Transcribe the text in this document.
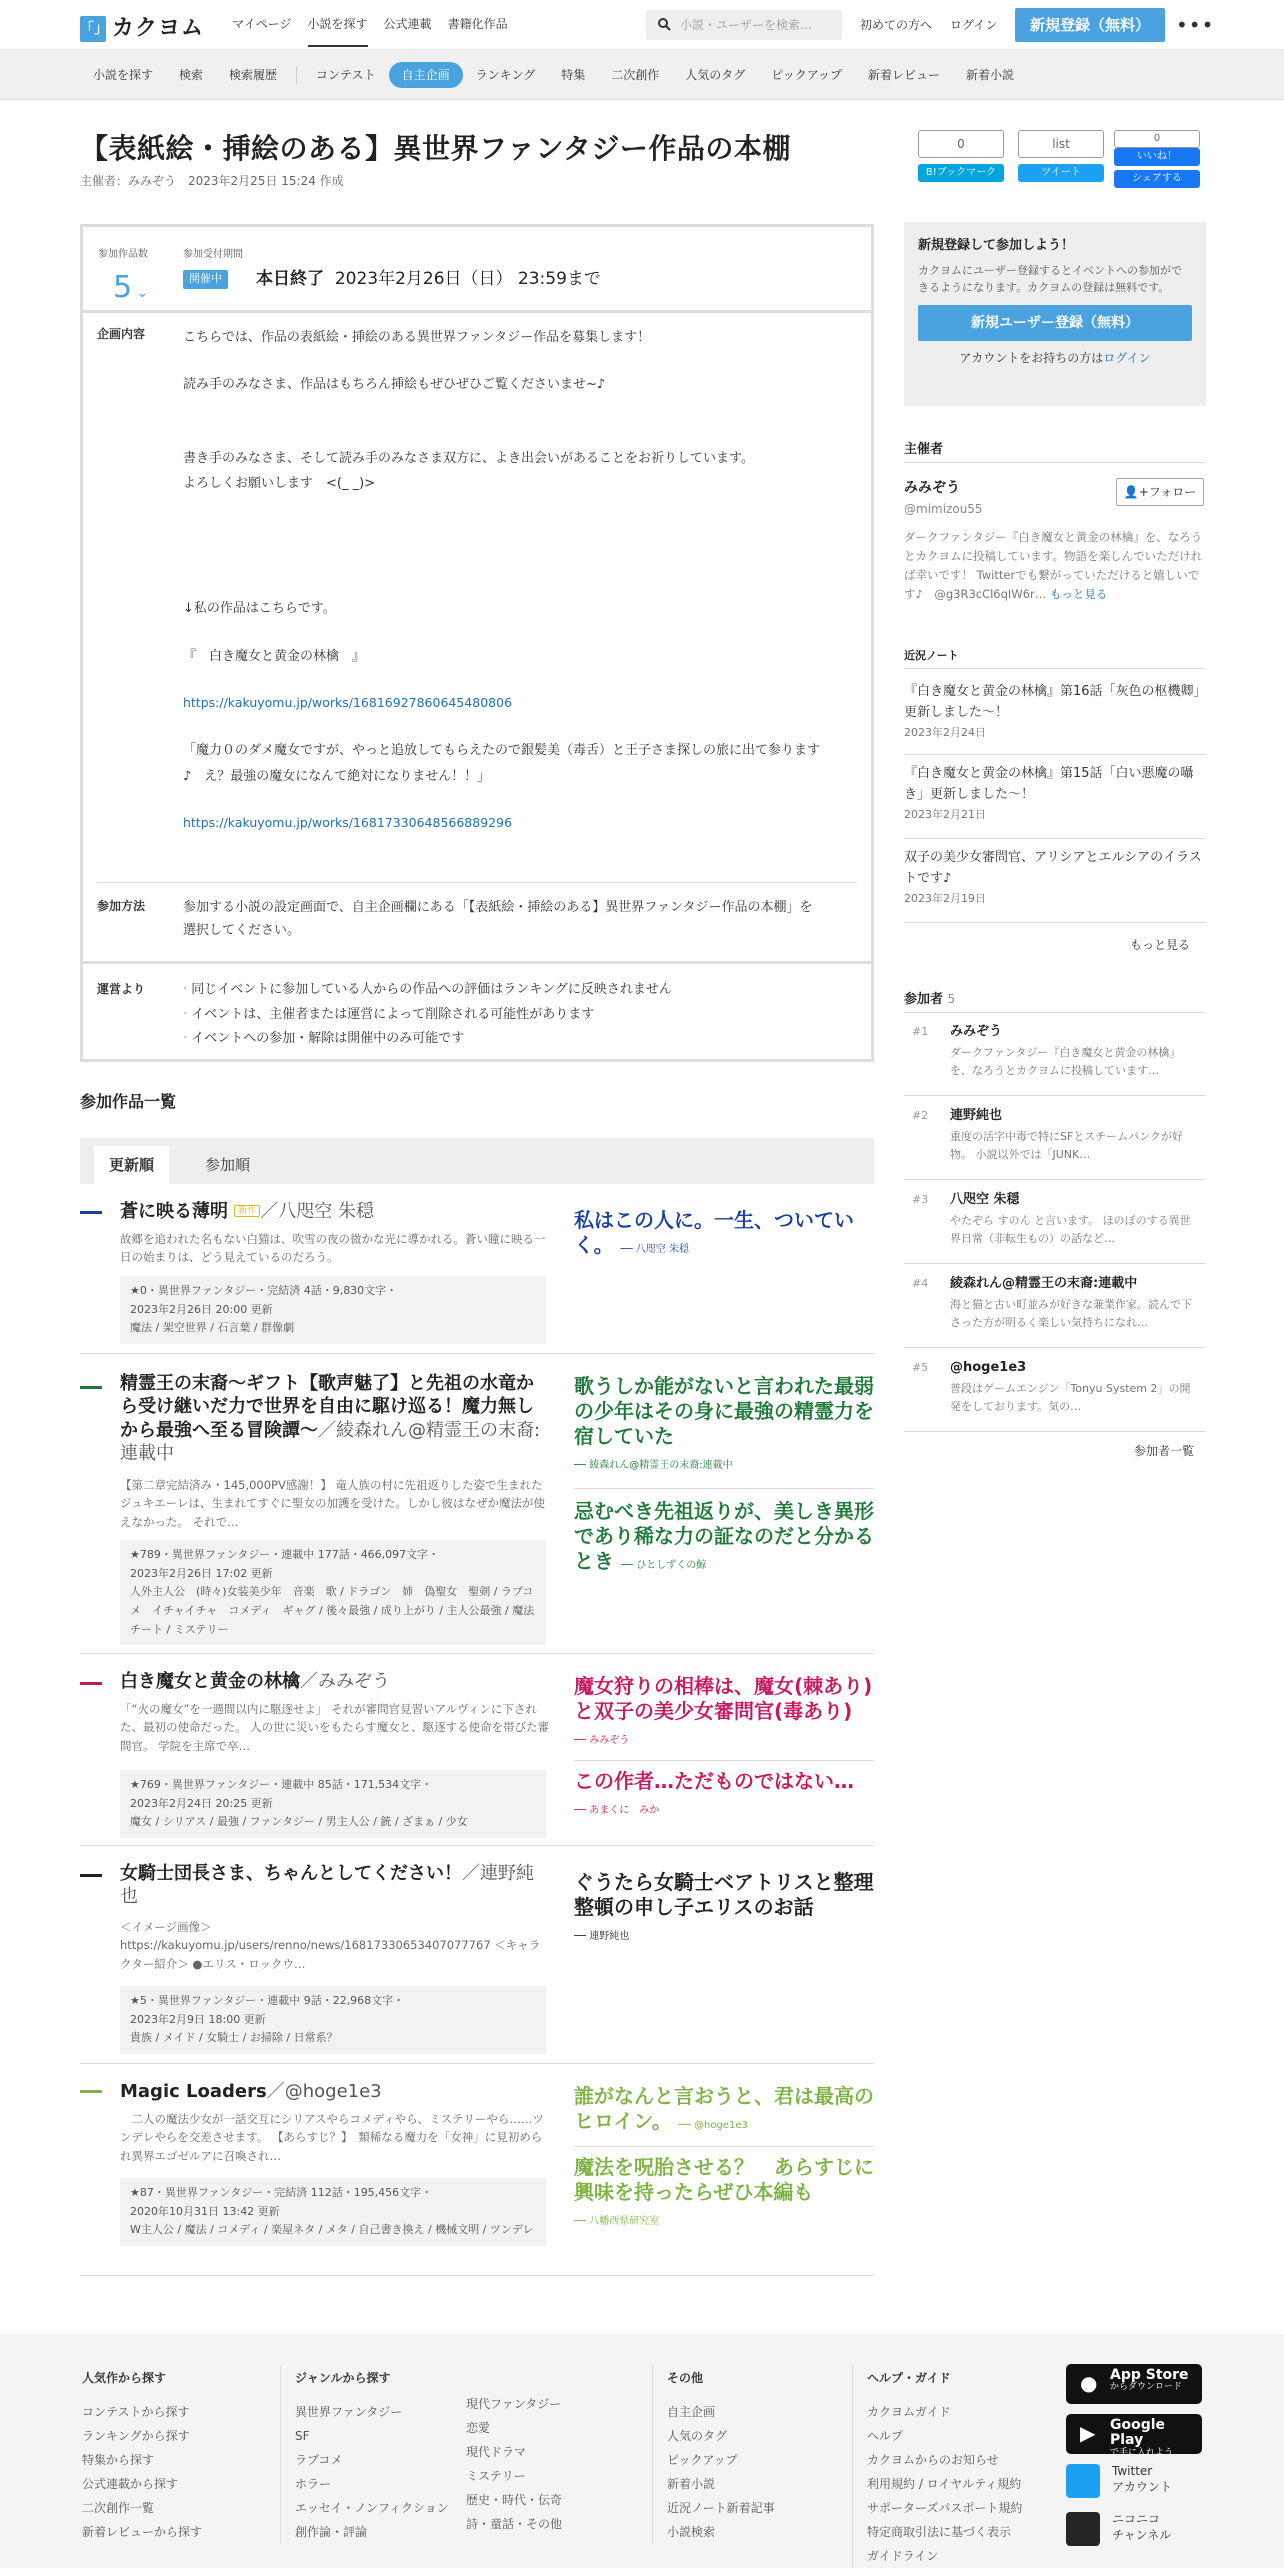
「」 カクヨム マイページ 小説を探す 公式連載 書籍化作品	小説・ユーザーを検索…	初めての方へ ログイン	新規登録（無料）	•••
小説を探す	検索	検索履歴	コンテスト	自主企画	ランキング	特集	二次創作	人気のタグ	ピックアップ	新着レビュー	新着小説
【表紙絵・挿絵のある】異世界ファンタジー作品の本棚
主催者：みみぞう　2023年2月25日 15:24 作成
0
B!ブックマーク
list
ツイート
0
いいね！
シェアする
参加作品数
5 ⌄
参加受付期間
開催中	本日終了 2023年2月26日（日） 23:59まで
企画内容	こちらでは、作品の表紙絵・挿絵のある異世界ファンタジー作品を募集します！
読み手のみなさま、作品はもちろん挿絵もぜひぜひご覧くださいませ~♪
書き手のみなさま、そして読み手のみなさま双方に、よき出会いがあることをお祈りしています。
よろしくお願いします　<(_ _)>
↓私の作品はこちらです。
『　白き魔女と黄金の林檎　』
https://kakuyomu.jp/works/16816927860645480806
「魔力０のダメ魔女ですが、やっと追放してもらえたので銀髪美（毒舌）と王子さま探しの旅に出て参ります♪　え？最強の魔女になんて絶対になりません！！」
https://kakuyomu.jp/works/16817330648566889296
参加方法	参加する小説の設定画面で、自主企画欄にある「【表紙絵・挿絵のある】異世界ファンタジー作品の本棚」を選択してください。
運営より
·	同じイベントに参加している人からの作品への評価はランキングに反映されません
· イベントは、主催者または運営によって削除される可能性があります
· イベントへの参加・解除は開催中のみ可能です
参加作品一覧
更新順	参加順
蒼に映る薄明 新作 ／八咫空 朱穏
故郷を追われた名もない白猫は、吹雪の夜の微かな光に導かれる。蒼い瞳に映る一日の始まりは、どう見えているのだろう。
★0・異世界ファンタジー・完結済 4話・9,830文字・
2023年2月26日 20:00 更新
魔法 / 架空世界 / 石言葉 / 群像劇
私はこの人に。一生、ついていく。 ── 八咫空 朱穏
精霊王の末裔～ギフト【歌声魅了】と先祖の水竜から受け継いだ力で世界を自由に駆け巡る！魔力無しから最強へ至る冒険譚～／綾森れん@精霊王の末裔:連載中
【第二章完結済み・145,000PV感謝！】 竜人族の村に先祖返りした姿で生まれたジュキエーレは、生まれてすぐに聖女の加護を受けた。しかし彼はなぜか魔法が使えなかった。 それで…
★789・異世界ファンタジー・連載中 177話・466,097文字・
2023年2月26日 17:02 更新
人外主人公　(時々)女装美少年　音楽　歌 / ドラゴン　姉　偽聖女　聖剣 / ラブコメ　イチャイチャ　コメディ　ギャグ / 後々最強 / 成り上がり / 主人公最強 / 魔法チート / ミステリー
歌うしか能がないと言われた最弱の少年はその身に最強の精霊力を宿していた
── 綾森れん@精霊王の末裔:連載中
忌むべき先祖返りが、美しき異形であり稀な力の証なのだと分かるとき ── ひとしずくの鯨
白き魔女と黄金の林檎／みみぞう
「“火の魔女”を一週間以内に駆逐せよ」 それが審問官見習いアルヴィンに下された、最初の使命だった。 人の世に災いをもたらす魔女と、駆逐する使命を帯びた審問官。 学院を主席で卒…
★769・異世界ファンタジー・連載中 85話・171,534文字・
2023年2月24日 20:25 更新
魔女 / シリアス / 最強 / ファンタジー / 男主人公 / 銃 / ざまぁ / 少女
魔女狩りの相棒は、魔女(棘あり)と双子の美少女審問官(毒あり) ── みみぞう
この作者…ただものではない… ── あまくに　みか
女騎士団長さま、ちゃんとしてください！／連野純也
＜イメージ画像＞
https://kakuyomu.jp/users/renno/news/16817330653407077767 ＜キャラクター紹介＞ ●エリス・ロックウ…
★5・異世界ファンタジー・連載中 9話・22,968文字・
2023年2月9日 18:00 更新
貴族 / メイド / 女騎士 / お掃除 / 日常系？
ぐうたら女騎士ベアトリスと整理整頓の申し子エリスのお話
── 連野純也
Magic Loaders／@hoge1e3
　二人の魔法少女が一話交互にシリアスやらコメディやら、ミステリーやら……ツンデレやらを交差させます。 【あらすじ？】　類稀なる魔力を「女神」に見初められ異界エゴゼルアに召喚され…
★87・異世界ファンタジー・完結済 112話・195,456文字・
2020年10月31日 13:42 更新
W主人公 / 魔法 / コメディ / 楽屋ネタ / メタ / 自己書き換え / 機械文明 / ツンデレ
誰がなんと言おうと、君は最高のヒロイン。 ── @hoge1e3
魔法を呪胎させる？　あらすじに興味を持ったらぜひ本編も
── 八幡西県研究室
新規登録して参加しよう！
カクヨムにユーザー登録するとイベントへの参加ができるようになります。カクヨムの登録は無料です。
新規ユーザー登録（無料）
アカウントをお持ちの方はログイン
主催者
みみぞう
@mimizou55
👤+フォロー
ダークファンタジー『白き魔女と黄金の林檎』を、なろうとカクヨムに投稿しています。物語を楽しんでいただければ幸いです！ Twitterでも繋がっていただけると嬉しいです♪　@g3R3cCl6qIW6r… もっと見る
近況ノート
『白き魔女と黄金の林檎』第16話「灰色の枢機卿」更新しました～！
2023年2月24日
『白き魔女と黄金の林檎』第15話「白い悪魔の囁き」更新しました～！
2023年2月21日
双子の美少女審問官、アリシアとエルシアのイラストです♪
2023年2月19日
もっと見る
参加者 5
#1 みみぞう
ダークファンタジー『白き魔女と黄金の林檎』を、なろうとカクヨムに投稿しています…
#2 連野純也
重度の活字中毒で特にSFとスチームパンクが好物。 小説以外では「JUNK…
#3 八咫空 朱穏
やたぞら すのん と言います。 ほのぼのする異世界日常（非転生もの）の話など…
#4 綾森れん@精霊王の末裔:連載中
海と猫と古い町並みが好きな兼業作家。読んで下さった方が明るく楽しい気持ちになれ…
#5 @hoge1e3
普段はゲームエンジン「Tonyu System 2」の開発をしております。気の…
参加者一覧
人気作から探す
コンテストから探す
ランキングから探す
特集から探す
公式連載から探す
二次創作一覧
新着レビューから探す
ジャンルから探す
異世界ファンタジー
SF
ラブコメ
ホラー
エッセイ・ノンフィクション
創作論・評論
現代ファンタジー
恋愛
現代ドラマ
ミステリー
歴史・時代・伝奇
詩・童話・その他
その他
自主企画
人気のタグ
ピックアップ
新着小説
近況ノート新着記事
小説検索
ヘルプ・ガイド
カクヨムガイド
ヘルプ
カクヨムからのお知らせ
利用規約 / ロイヤルティ規約
サポーターズパスポート規約
特定商取引法に基づく表示
ガイドライン
● App Store
からダウンロード
▶ Google Play
で手に入れよう
Twitter
アカウント
ニコニコ
チャンネル
